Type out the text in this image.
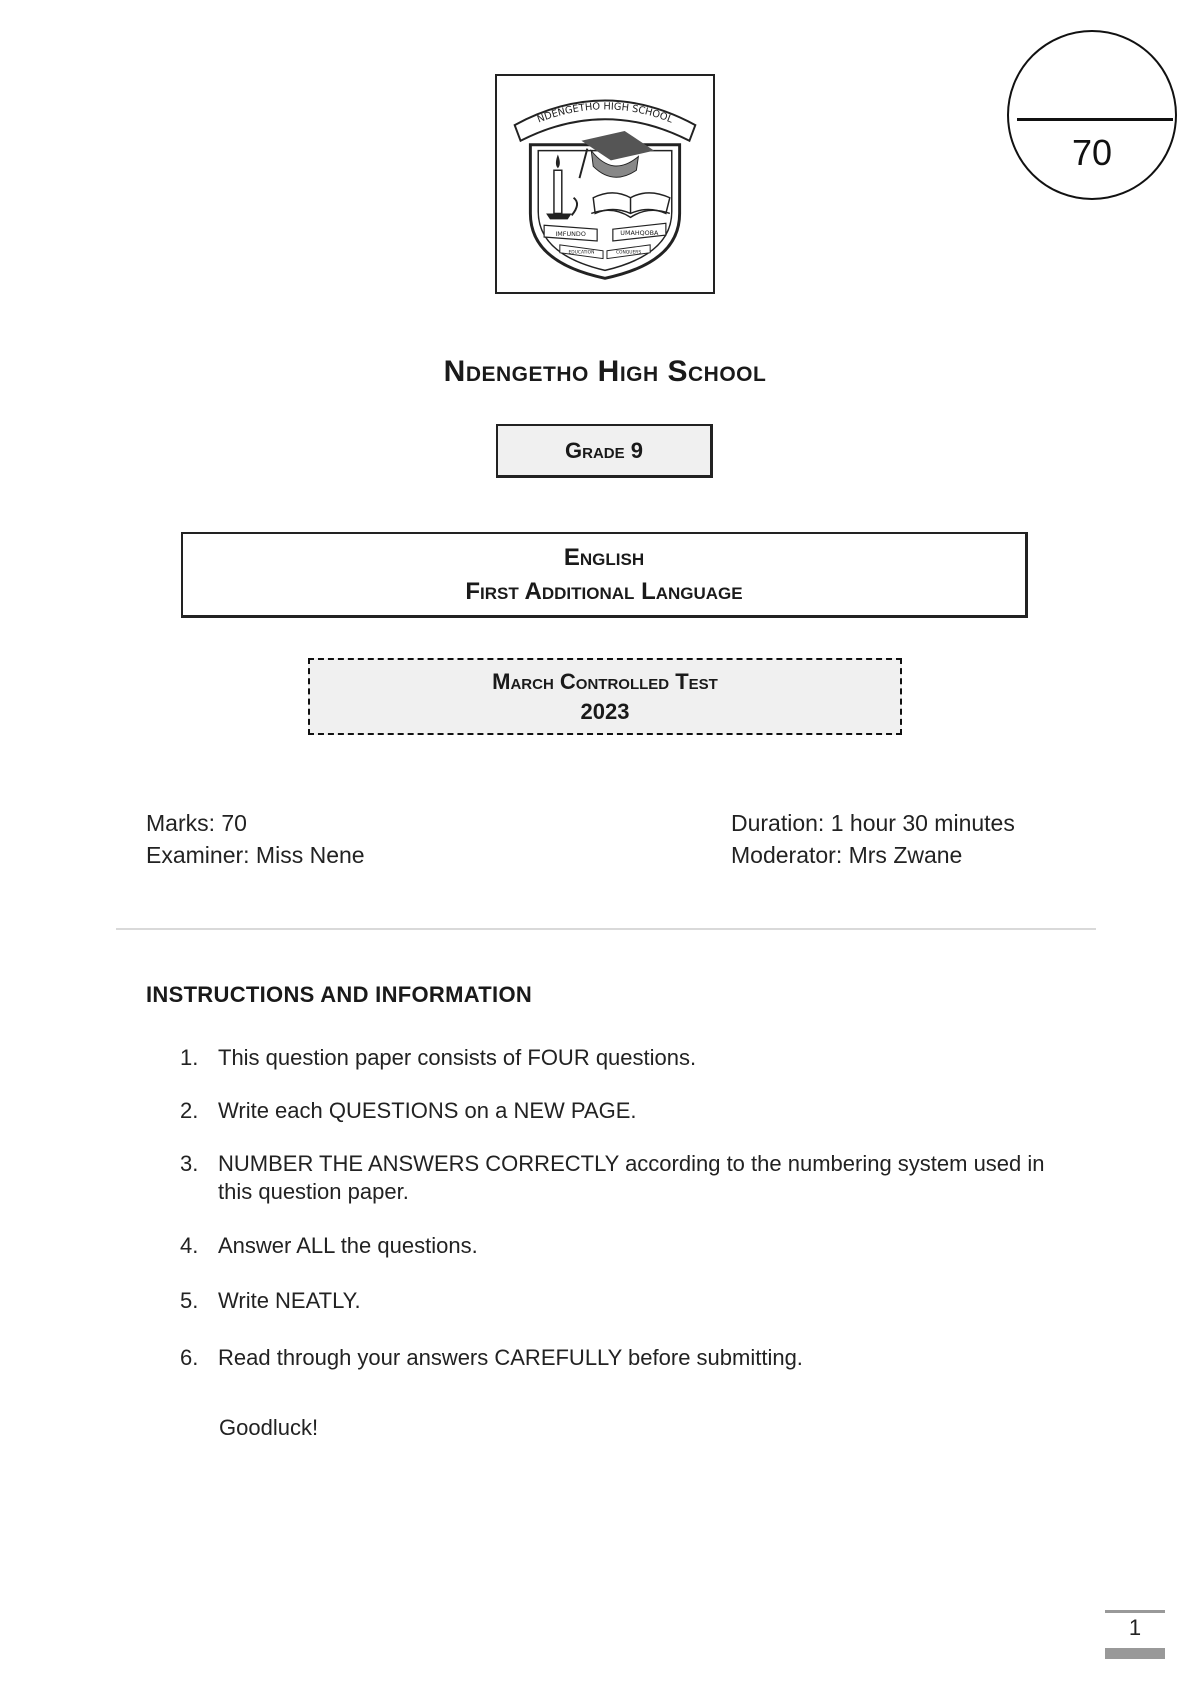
NDENGETHO HIGH SCHOOL
IMFUNDO	UMAHQOBA
EDUCATION	CONQUERS
70
Ndengetho High School
Grade 9
English
First Additional Language
March Controlled Test
2023
Marks: 70
Examiner: Miss Nene
Duration: 1 hour 30 minutes
Moderator: Mrs Zwane
INSTRUCTIONS AND INFORMATION
1. This question paper consists of FOUR questions.
2. Write each QUESTIONS on a NEW PAGE.
3. NUMBER THE ANSWERS CORRECTLY according to the numbering system used in this question paper.
4. Answer ALL the questions.
5. Write NEATLY.
6. Read through your answers CAREFULLY before submitting.
Goodluck!
1
